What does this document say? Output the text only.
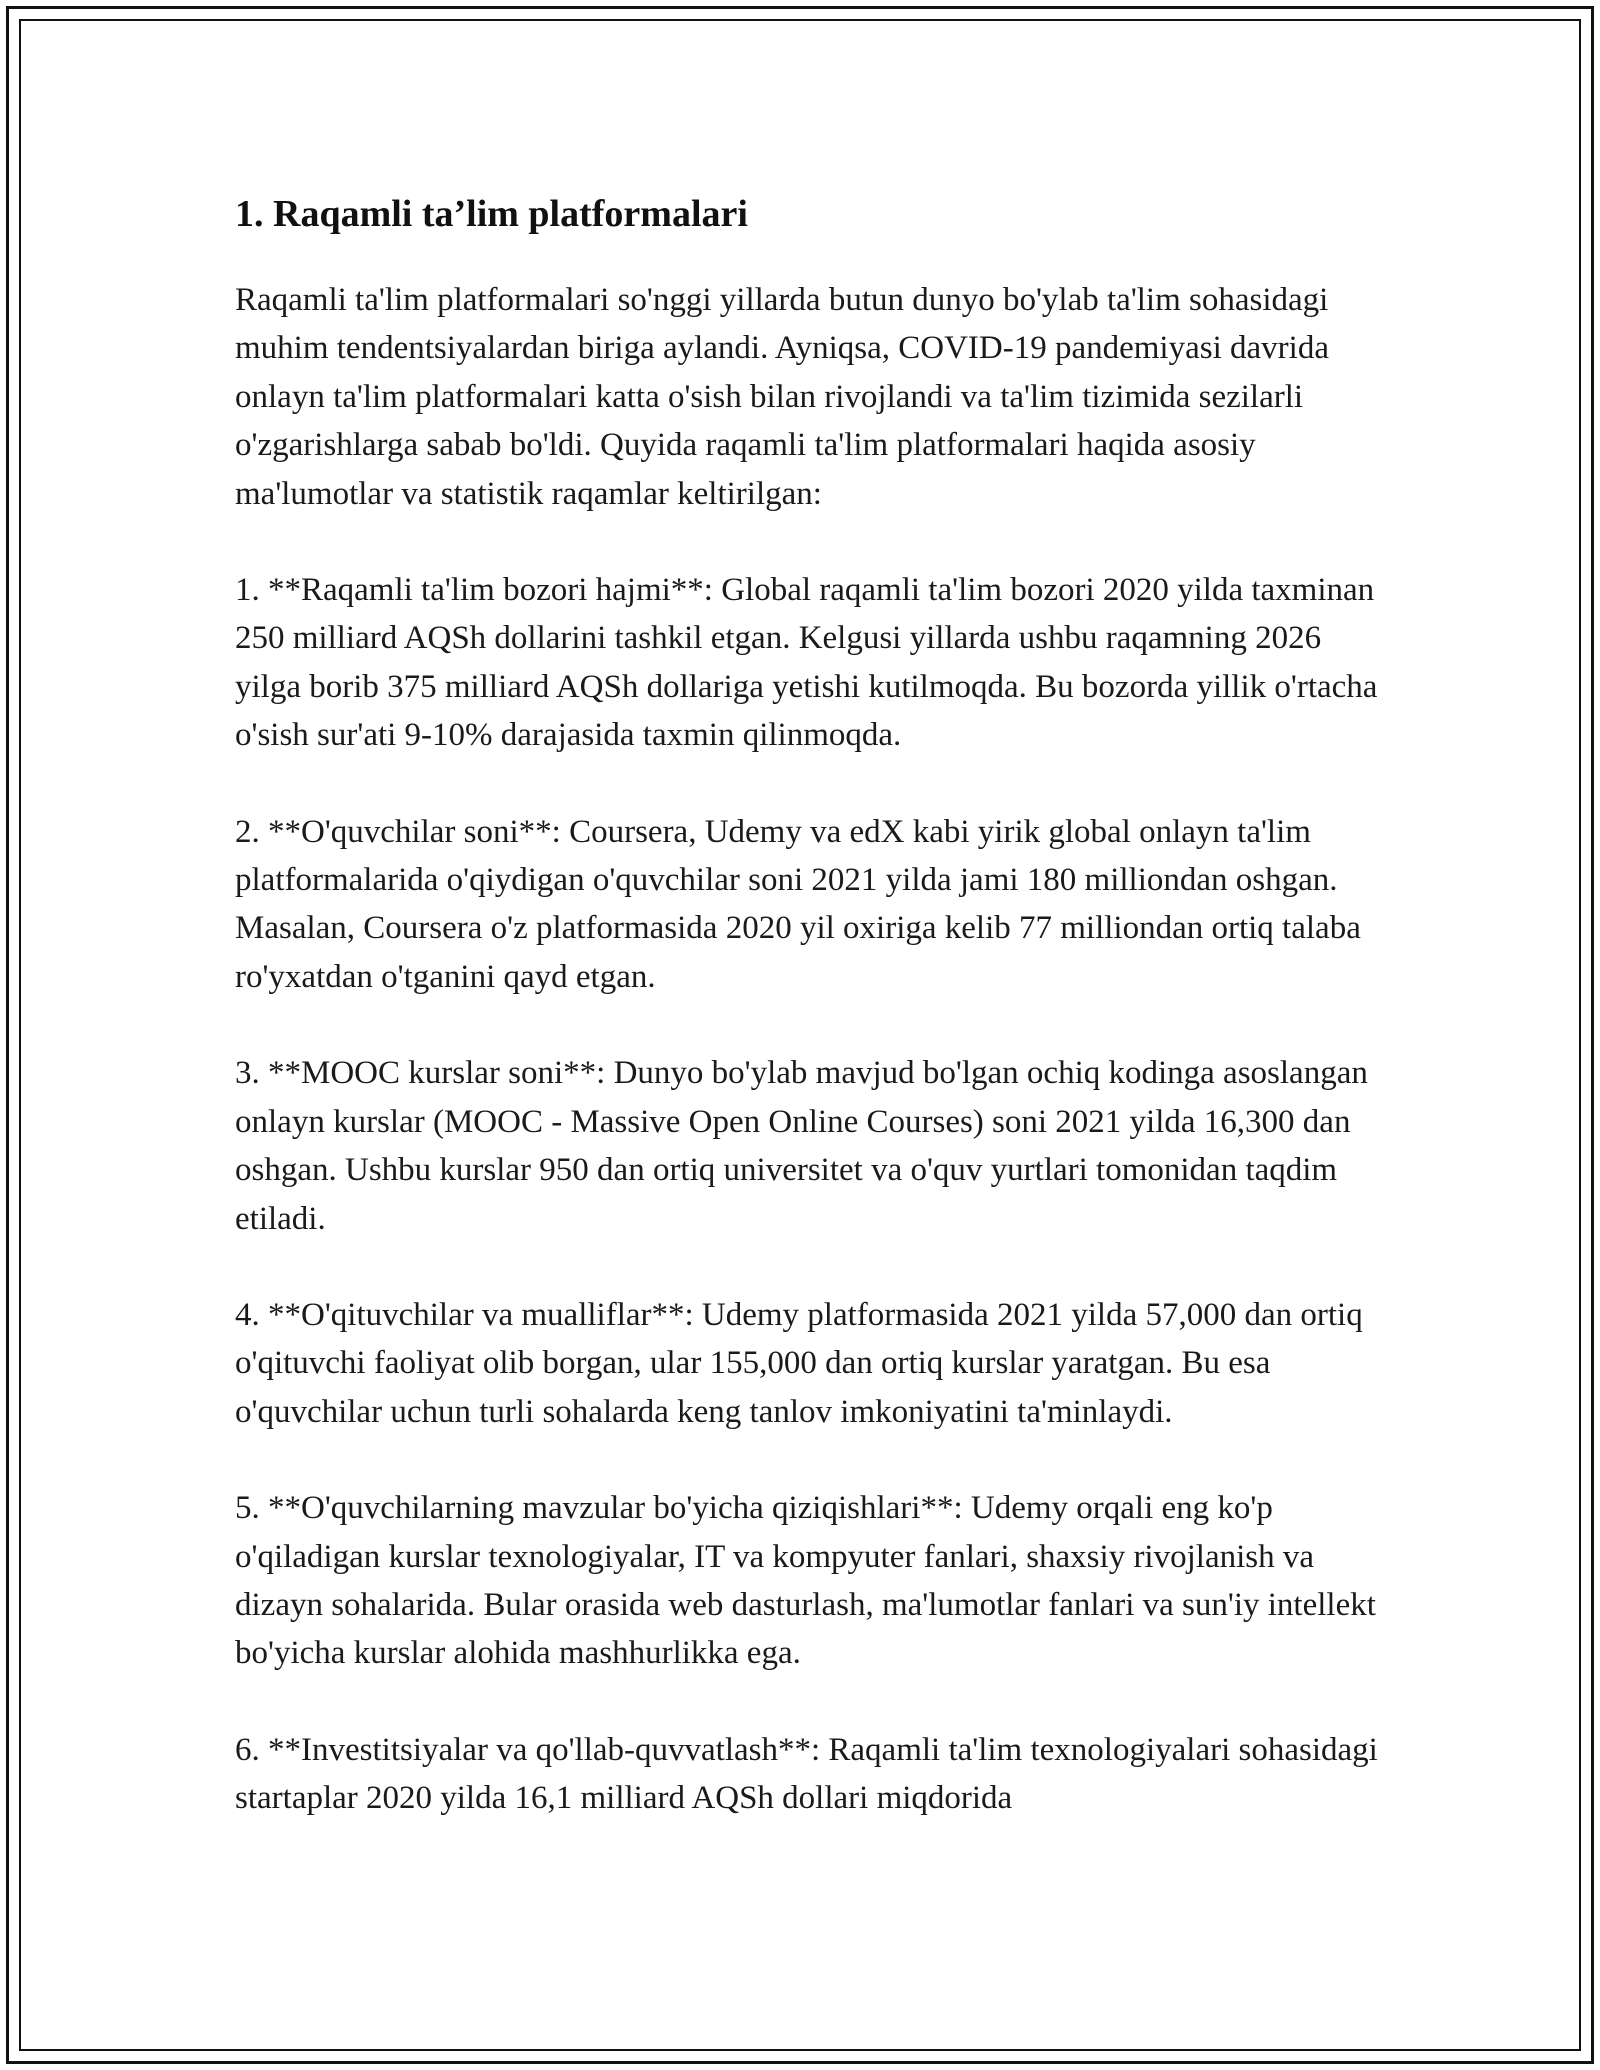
1. Raqamli ta’lim platformalari

Raqamli ta'lim platformalari so'nggi yillarda butun dunyo bo'ylab ta'lim sohasidagi muhim tendentsiyalardan biriga aylandi. Ayniqsa, COVID-19 pandemiyasi davrida onlayn ta'lim platformalari katta o'sish bilan rivojlandi va ta'lim tizimida sezilarli o'zgarishlarga sabab bo'ldi. Quyida raqamli ta'lim platformalari haqida asosiy ma'lumotlar va statistik raqamlar keltirilgan:

1. **Raqamli ta'lim bozori hajmi**: Global raqamli ta'lim bozori 2020 yilda taxminan 250 milliard AQSh dollarini tashkil etgan. Kelgusi yillarda ushbu raqamning 2026 yilga borib 375 milliard AQSh dollariga yetishi kutilmoqda. Bu bozorda yillik o'rtacha o'sish sur'ati 9-10% darajasida taxmin qilinmoqda.

2. **O'quvchilar soni**: Coursera, Udemy va edX kabi yirik global onlayn ta'lim platformalarida o'qiydigan o'quvchilar soni 2021 yilda jami 180 milliondan oshgan. Masalan, Coursera o'z platformasida 2020 yil oxiriga kelib 77 milliondan ortiq talaba ro'yxatdan o'tganini qayd etgan.

3. **MOOC kurslar soni**: Dunyo bo'ylab mavjud bo'lgan ochiq kodinga asoslangan onlayn kurslar (MOOC - Massive Open Online Courses) soni 2021 yilda 16,300 dan oshgan. Ushbu kurslar 950 dan ortiq universitet va o'quv yurtlari tomonidan taqdim etiladi.

4. **O'qituvchilar va mualliflar**: Udemy platformasida 2021 yilda 57,000 dan ortiq o'qituvchi faoliyat olib borgan, ular 155,000 dan ortiq kurslar yaratgan. Bu esa o'quvchilar uchun turli sohalarda keng tanlov imkoniyatini ta'minlaydi.

5. **O'quvchilarning mavzular bo'yicha qiziqishlari**: Udemy orqali eng ko'p o'qiladigan kurslar texnologiyalar, IT va kompyuter fanlari, shaxsiy rivojlanish va dizayn sohalarida. Bular orasida web dasturlash, ma'lumotlar fanlari va sun'iy intellekt bo'yicha kurslar alohida mashhurlikka ega.

6. **Investitsiyalar va qo'llab-quvvatlash**: Raqamli ta'lim texnologiyalari sohasidagi startaplar 2020 yilda 16,1 milliard AQSh dollari miqdorida
